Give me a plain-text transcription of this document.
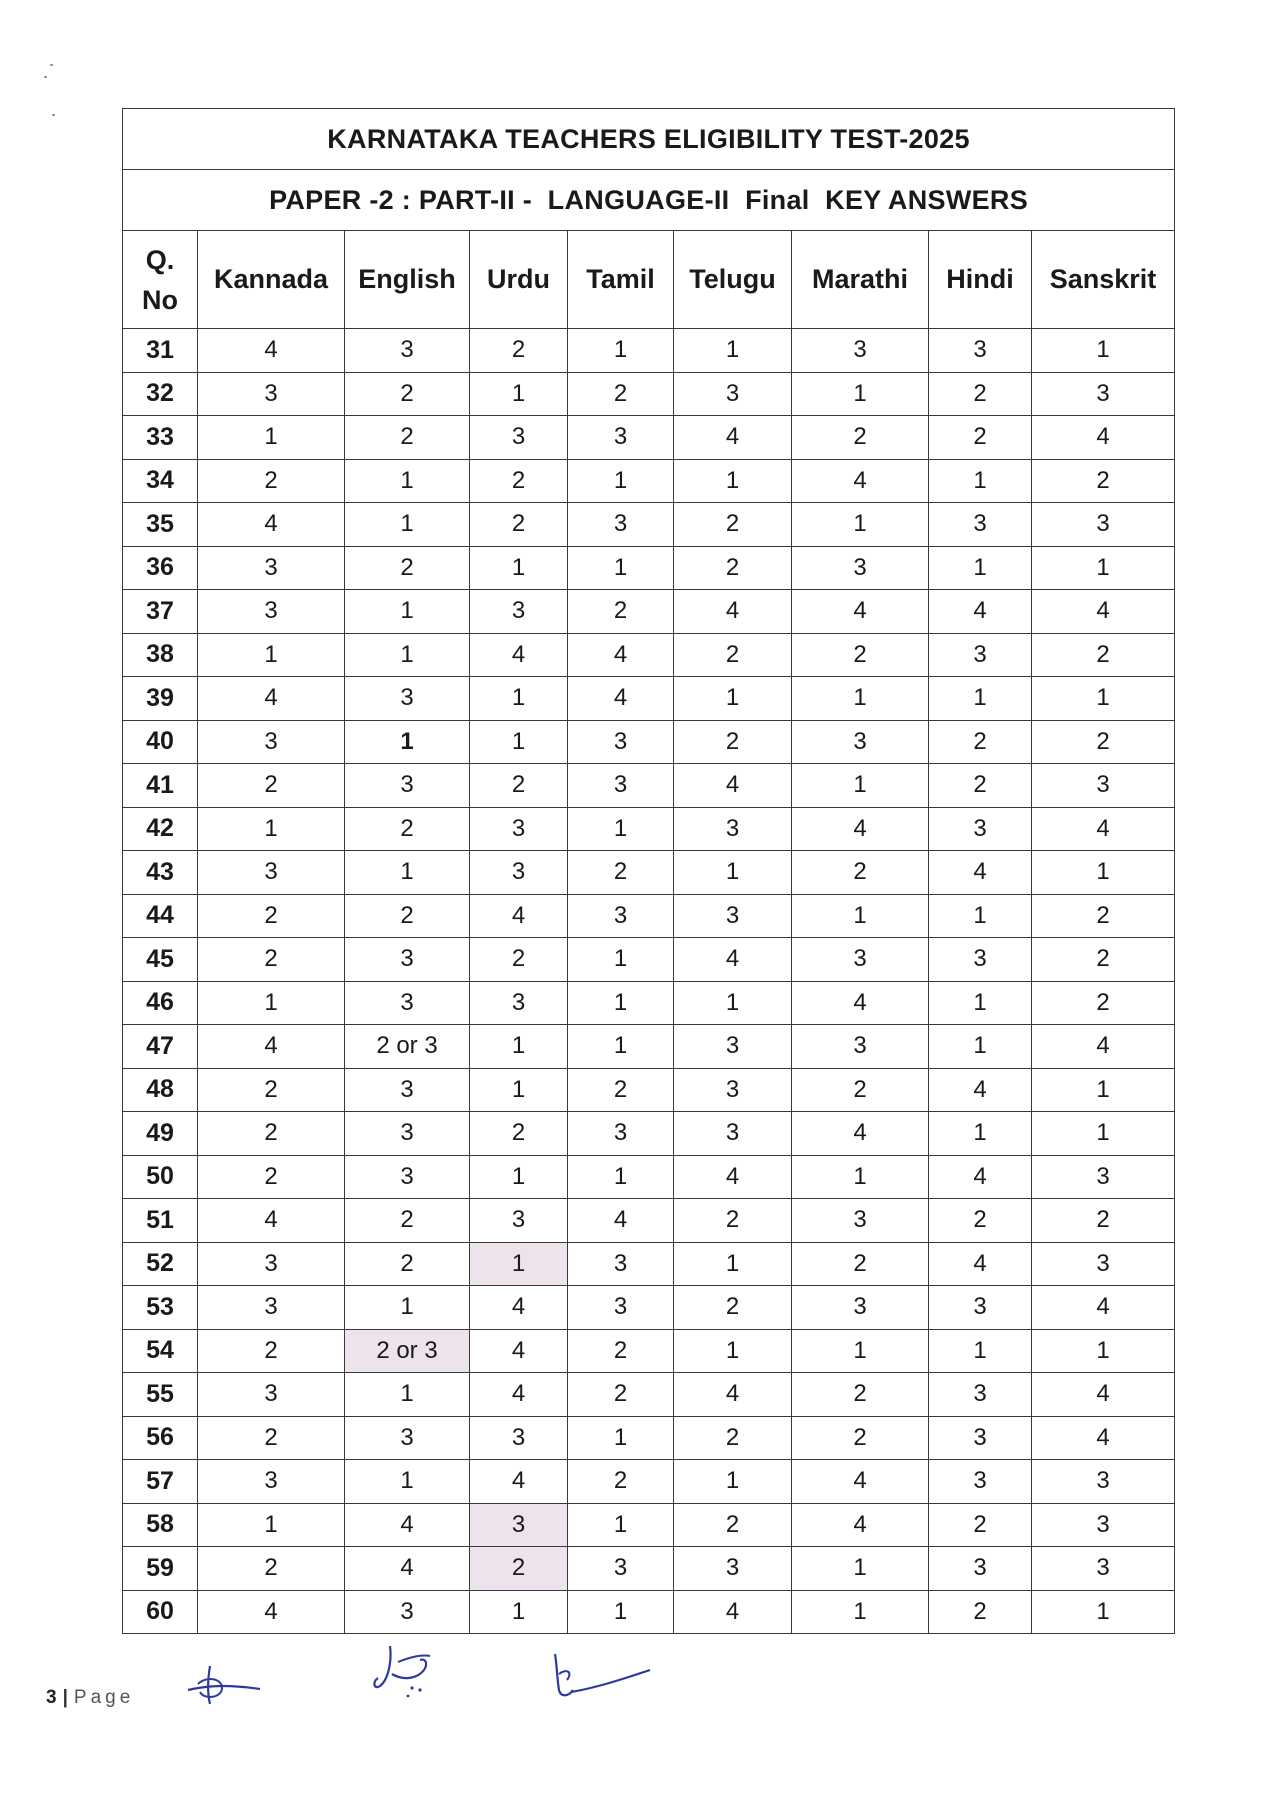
KARNATAKA TEACHERS ELIGIBILITY TEST-2025								
PAPER -2 : PART-II -  LANGUAGE-II  Final  KEY ANSWERS								
Q.
No	Kannada	English	Urdu	Tamil	Telugu	Marathi	Hindi	Sanskrit
31	4	3	2	1	1	3	3	1
32	3	2	1	2	3	1	2	3
33	1	2	3	3	4	2	2	4
34	2	1	2	1	1	4	1	2
35	4	1	2	3	2	1	3	3
36	3	2	1	1	2	3	1	1
37	3	1	3	2	4	4	4	4
38	1	1	4	4	2	2	3	2
39	4	3	1	4	1	1	1	1
40	3	1	1	3	2	3	2	2
41	2	3	2	3	4	1	2	3
42	1	2	3	1	3	4	3	4
43	3	1	3	2	1	2	4	1
44	2	2	4	3	3	1	1	2
45	2	3	2	1	4	3	3	2
46	1	3	3	1	1	4	1	2
47	4	2 or 3	1	1	3	3	1	4
48	2	3	1	2	3	2	4	1
49	2	3	2	3	3	4	1	1
50	2	3	1	1	4	1	4	3
51	4	2	3	4	2	3	2	2
52	3	2	1	3	1	2	4	3
53	3	1	4	3	2	3	3	4
54	2	2 or 3	4	2	1	1	1	1
55	3	1	4	2	4	2	3	4
56	2	3	3	1	2	2	3	4
57	3	1	4	2	1	4	3	3
58	1	4	3	1	2	4	2	3
59	2	4	2	3	3	1	3	3
60	4	3	1	1	4	1	2	1
3 | Page
